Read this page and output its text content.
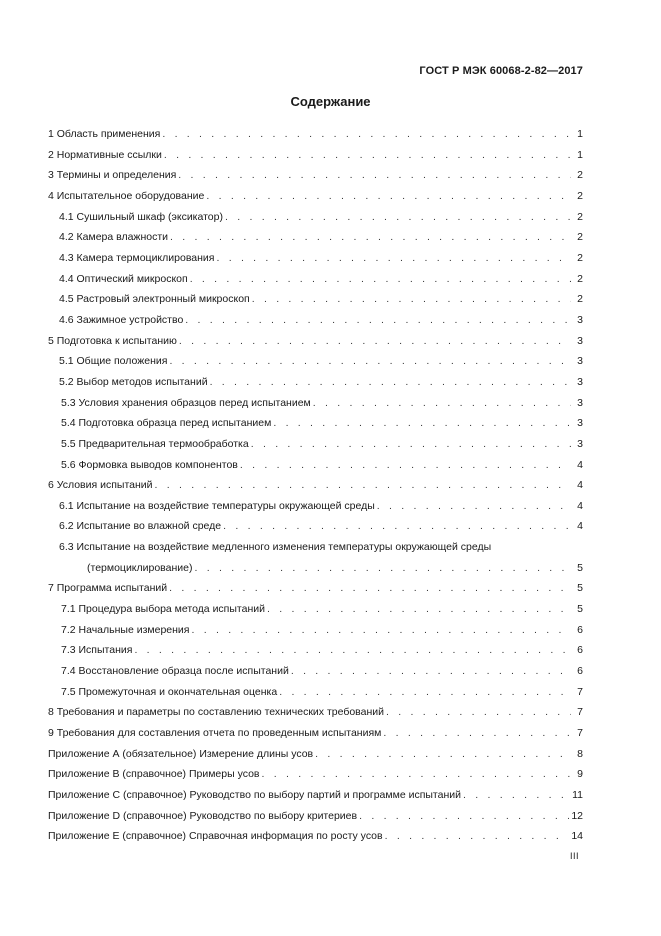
ГОСТ Р МЭК 60068-2-82—2017
Содержание
1 Область применения . . .	1
2 Нормативные ссылки . . .	1
3 Термины и определения . . .	2
4 Испытательное оборудование . . .	2
4.1 Сушильный шкаф (эксикатор) . . .	2
4.2 Камера влажности . . .	2
4.3 Камера термоциклирования . . .	2
4.4 Оптический микроскоп . . .	2
4.5 Растровый электронный микроскоп . . .	2
4.6 Зажимное устройство . . .	3
5 Подготовка к испытанию . . .	3
5.1 Общие положения . . .	3
5.2 Выбор методов испытаний . . .	3
5.3 Условия хранения образцов перед испытанием . . .	3
5.4 Подготовка образца перед испытанием . . .	3
5.5 Предварительная термообработка . . .	3
5.6 Формовка выводов компонентов . . .	4
6 Условия испытаний . . .	4
6.1 Испытание на воздействие температуры окружающей среды . . .	4
6.2 Испытание во влажной среде . . .	4
6.3 Испытание на воздействие медленного изменения температуры окружающей среды
(термоциклирование) . . .	5
7 Программа испытаний . . .	5
7.1 Процедура выбора метода испытаний . . .	5
7.2 Начальные измерения . . .	6
7.3 Испытания . . .	6
7.4 Восстановление образца после испытаний . . .	6
7.5 Промежуточная и окончательная оценка . . .	7
8 Требования и параметры по составлению технических требований . . .	7
9 Требования для составления отчета по проведенным испытаниям . . .	7
Приложение А (обязательное) Измерение длины усов . . .	8
Приложение В (справочное) Примеры усов . . .	9
Приложение С (справочное) Руководство по выбору партий и программе испытаний . . .	11
Приложение D (справочное) Руководство по выбору критериев . . .	12
Приложение Е (справочное) Справочная информация по росту усов . . .	14
III
